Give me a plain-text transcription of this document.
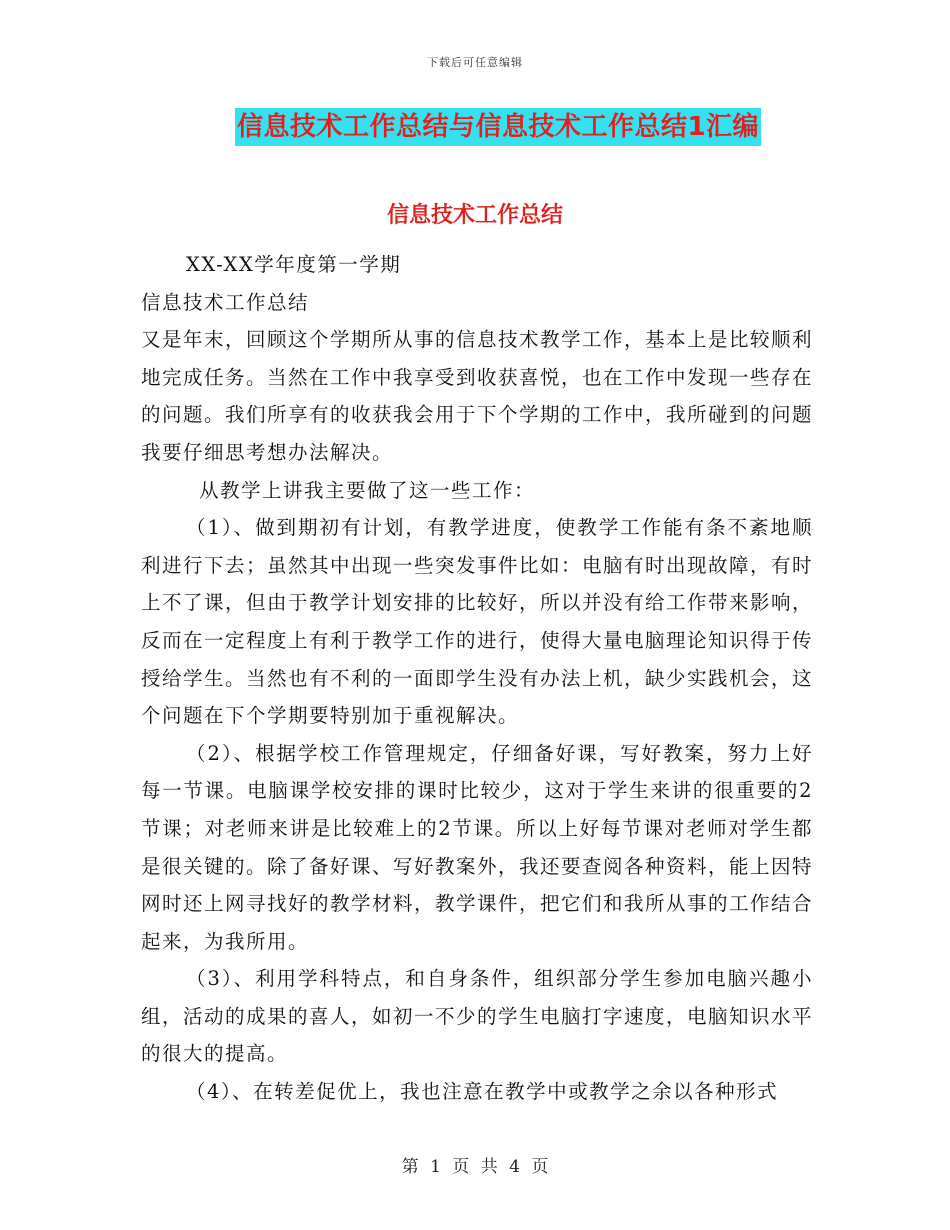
下载后可任意编辑
信息技术工作总结与信息技术工作总结1汇编
信息技术工作总结

XX-XX学年度第一学期

信息技术工作总结

又是年末，回顾这个学期所从事的信息技术教学工作，基本上是比较顺利地完成任务。当然在工作中我享受到收获喜悦，也在工作中发现一些存在的问题。我们所享有的收获我会用于下个学期的工作中，我所碰到的问题我要仔细思考想办法解决。

从教学上讲我主要做了这一些工作：

（1）、做到期初有计划，有教学进度，使教学工作能有条不紊地顺利进行下去；虽然其中出现一些突发事件比如：电脑有时出现故障，有时上不了课，但由于教学计划安排的比较好，所以并没有给工作带来影响，反而在一定程度上有利于教学工作的进行，使得大量电脑理论知识得于传授给学生。当然也有不利的一面即学生没有办法上机，缺少实践机会，这个问题在下个学期要特别加于重视解决。

（2）、根据学校工作管理规定，仔细备好课，写好教案，努力上好每一节课。电脑课学校安排的课时比较少，这对于学生来讲的很重要的2节课；对老师来讲是比较难上的2节课。所以上好每节课对老师对学生都是很关键的。除了备好课、写好教案外，我还要查阅各种资料，能上因特网时还上网寻找好的教学材料，教学课件，把它们和我所从事的工作结合起来，为我所用。

（3）、利用学科特点，和自身条件，组织部分学生参加电脑兴趣小组，活动的成果的喜人，如初一不少的学生电脑打字速度，电脑知识水平的很大的提高。

（4）、在转差促优上，我也注意在教学中或教学之余以各种形式

第 1 页 共 4 页
